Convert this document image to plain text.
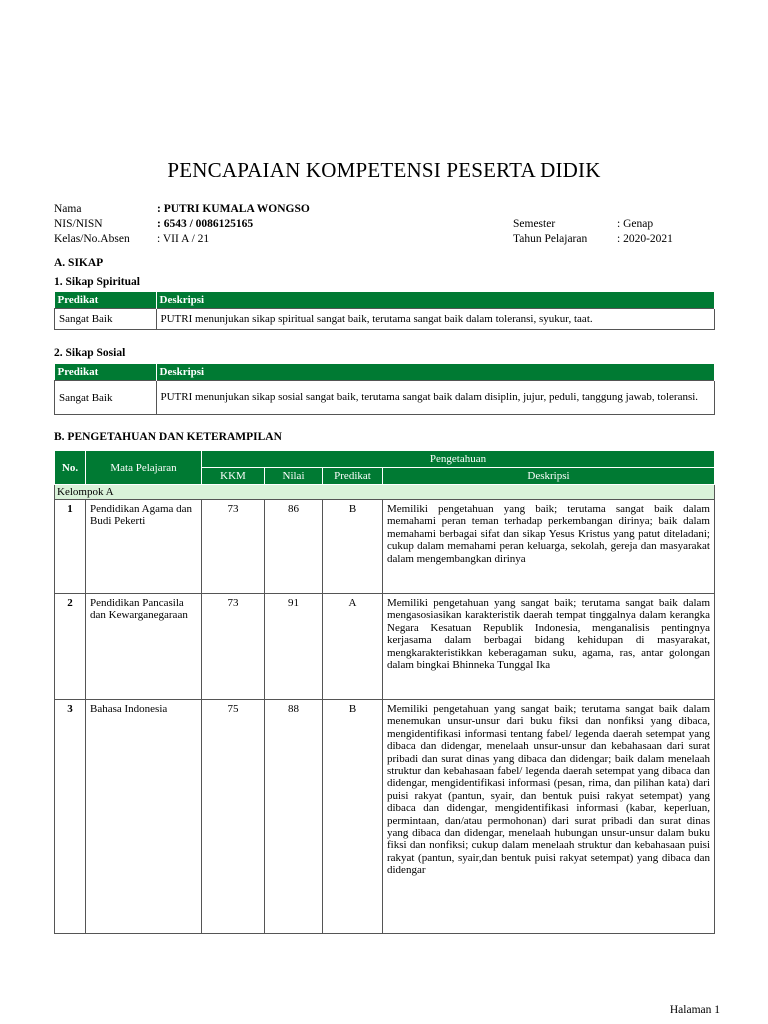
PENCAPAIAN KOMPETENSI PESERTA DIDIK
Nama	: PUTRI KUMALA WONGSO
NIS/NISN	: 6543 / 0086125165
Kelas/No.Absen	: VII A / 21
Semester	: Genap
Tahun Pelajaran	: 2020-2021
A. SIKAP
1. Sikap Spiritual
Predikat	Deskripsi
Sangat Baik	PUTRI menunjukan sikap spiritual sangat baik, terutama sangat baik dalam toleransi, syukur, taat.
2. Sikap Sosial
Predikat	Deskripsi
Sangat Baik	PUTRI menunjukan sikap sosial sangat baik, terutama sangat baik dalam disiplin, jujur, peduli, tanggung jawab, toleransi.
B. PENGETAHUAN DAN KETERAMPILAN
No.	Mata Pelajaran	Pengetahuan			
		KKM	Nilai	Predikat	Deskripsi
Kelompok A					
1	Pendidikan Agama dan Budi Pekerti	73	86	B	Memiliki pengetahuan yang baik; terutama sangat baik dalam memahami peran teman terhadap perkembangan dirinya; baik dalam memahami berbagai sifat dan sikap Yesus Kristus yang patut diteladani; cukup dalam memahami peran keluarga, sekolah, gereja dan masyarakat dalam mengembangkan dirinya
2	Pendidikan Pancasila dan Kewarganegaraan	73	91	A	Memiliki pengetahuan yang sangat baik; terutama sangat baik dalam mengasosiasikan karakteristik daerah tempat tinggalnya dalam kerangka Negara Kesatuan Republik Indonesia, menganalisis pentingnya kerjasama dalam berbagai bidang kehidupan di masyarakat, mengkarakteristikkan keberagaman suku, agama, ras, antar golongan dalam bingkai Bhinneka Tunggal Ika
3	Bahasa Indonesia	75	88	B	Memiliki pengetahuan yang sangat baik; terutama sangat baik dalam menemukan unsur-unsur dari buku fiksi dan nonfiksi yang dibaca, mengidentifikasi informasi tentang fabel/ legenda daerah setempat yang dibaca dan didengar, menelaah unsur-unsur dan kebahasaan dari surat pribadi dan surat dinas yang dibaca dan didengar; baik dalam menelaah struktur dan kebahasaan fabel/ legenda daerah setempat yang dibaca dan didengar, mengidentifikasi informasi (pesan, rima, dan pilihan kata) dari puisi rakyat (pantun, syair, dan bentuk puisi rakyat setempat) yang dibaca dan didengar, mengidentifikasi informasi (kabar, keperluan, permintaan, dan/atau permohonan) dari surat pribadi dan surat dinas yang dibaca dan didengar, menelaah hubungan unsur-unsur dalam buku fiksi dan nonfiksi; cukup dalam menelaah struktur dan kebahasaan puisi rakyat (pantun, syair,dan bentuk puisi rakyat setempat) yang dibaca dan didengar
Halaman 1
